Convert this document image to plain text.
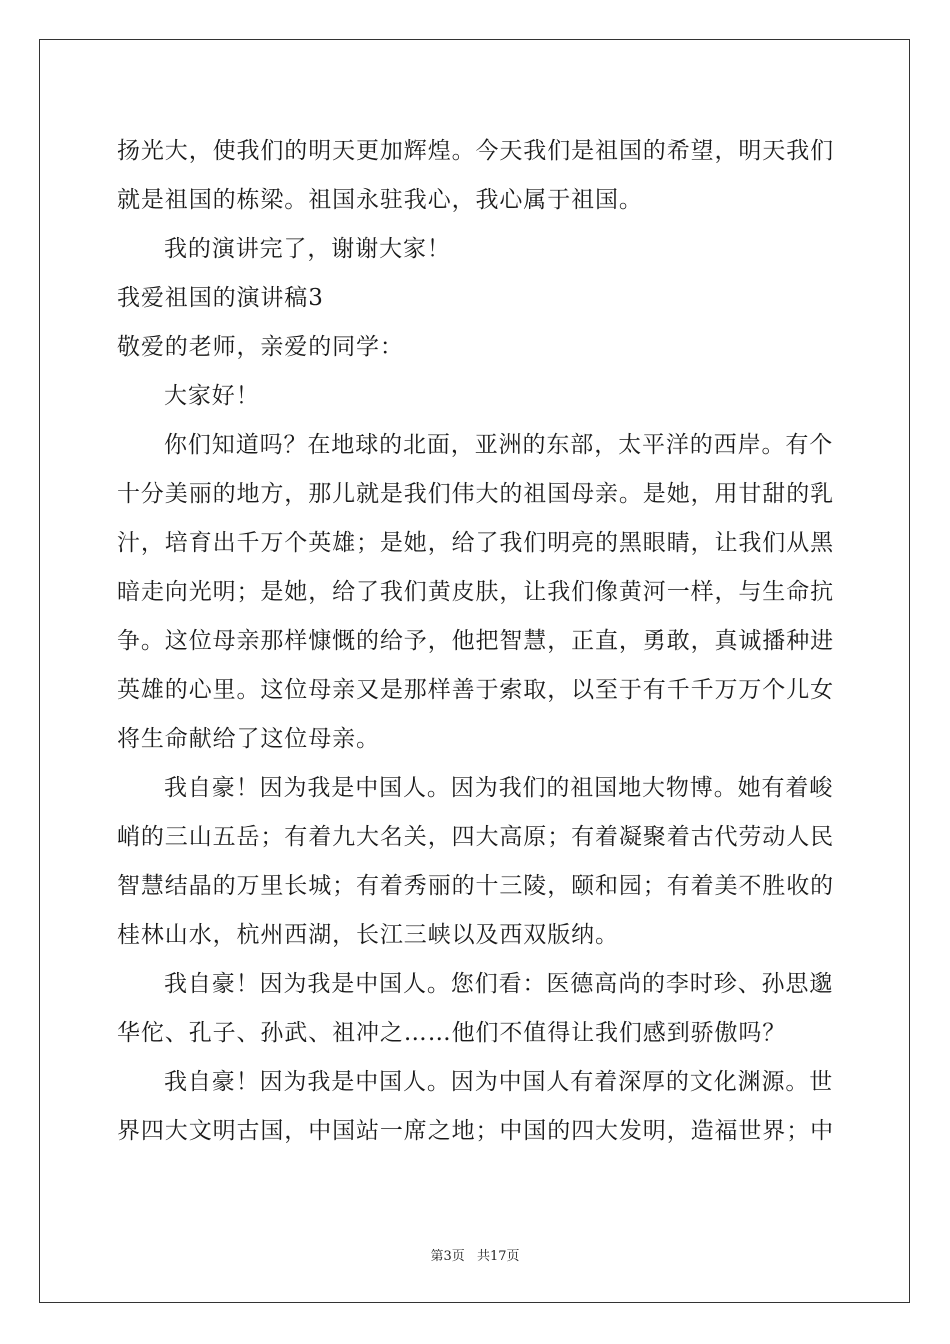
扬光大，使我们的明天更加辉煌。今天我们是祖国的希望，明天我们
就是祖国的栋梁。祖国永驻我心，我心属于祖国。
我的演讲完了，谢谢大家！
我爱祖国的演讲稿3
敬爱的老师，亲爱的同学：
大家好！
你们知道吗？在地球的北面，亚洲的东部，太平洋的西岸。有个
十分美丽的地方，那儿就是我们伟大的祖国母亲。是她，用甘甜的乳
汁，培育出千万个英雄；是她，给了我们明亮的黑眼睛，让我们从黑
暗走向光明；是她，给了我们黄皮肤，让我们像黄河一样，与生命抗
争。这位母亲那样慷慨的给予，他把智慧，正直，勇敢，真诚播种进
英雄的心里。这位母亲又是那样善于索取，以至于有千千万万个儿女
将生命献给了这位母亲。
我自豪！因为我是中国人。因为我们的祖国地大物博。她有着峻
峭的三山五岳；有着九大名关，四大高原；有着凝聚着古代劳动人民
智慧结晶的万里长城；有着秀丽的十三陵，颐和园；有着美不胜收的
桂林山水，杭州西湖，长江三峡以及西双版纳。
我自豪！因为我是中国人。您们看：医德高尚的李时珍、孙思邈
华佗、孔子、孙武、祖冲之……他们不值得让我们感到骄傲吗？
我自豪！因为我是中国人。因为中国人有着深厚的文化渊源。世
界四大文明古国，中国站一席之地；中国的四大发明，造福世界；中
第3页 共17页
